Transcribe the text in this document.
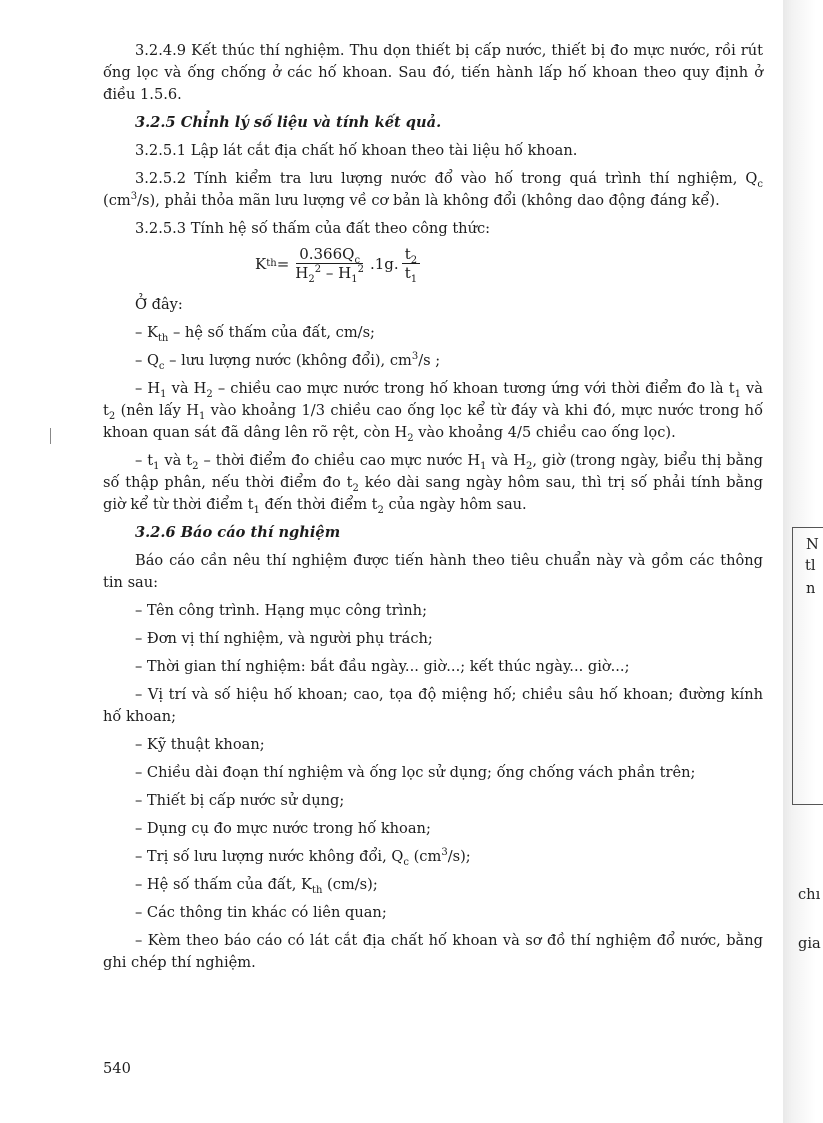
3.2.4.9 Kết thúc thí nghiệm. Thu dọn thiết bị cấp nước, thiết bị đo mực nước, rồi rút ống lọc và ống chống ở các hố khoan. Sau đó, tiến hành lấp hố khoan theo quy định ở điều 1.5.6.

3.2.5 Chỉnh lý số liệu và tính kết quả.

3.2.5.1 Lập lát cắt địa chất hố khoan theo tài liệu hố khoan.

3.2.5.2 Tính kiểm tra lưu lượng nước đổ vào hố trong quá trình thí nghiệm, $Q_c$ $(cm^3/s)$, phải thỏa mãn lưu lượng về cơ bản là không đổi (không dao động đáng kể).

3.2.5.3 Tính hệ số thấm của đất theo công thức:

K th = $\frac{0.366Q_c}{H_2^2 - H_1^2} .1g$. $\frac{t_2}{t_1}$

Ở đây:

– $K_{th}$ – hệ số thấm của đất, cm/s;

– $Q_c$ – lưu lượng nước (không đổi), $cm^3/s$ ;

– $H_1$ và $H_2$ – chiều cao mực nước trong hố khoan tương ứng với thời điểm đo là $t_1$ và $t_2$ (nên lấy $H_1$ vào khoảng 1/3 chiều cao ống lọc kể từ đáy và khi đó, mực nước trong hố khoan quan sát đã dâng lên rõ rệt, còn $H_2$ vào khoảng 4/5 chiều cao ống lọc).

– $t_1$ và $t_2$ – thời điểm đo chiều cao mực nước $H_1$ và $H_2$, giờ (trong ngày, biểu thị bằng số thập phân, nếu thời điểm đo $t_2$ kéo dài sang ngày hôm sau, thì trị số phải tính bằng giờ kể từ thời điểm $t_1$ đến thời điểm $t_2$ của ngày hôm sau.

3.2.6 Báo cáo thí nghiệm

Báo cáo cần nêu thí nghiệm được tiến hành theo tiêu chuẩn này và gồm các thông tin sau:

– Tên công trình. Hạng mục công trình;

– Đơn vị thí nghiệm, và người phụ trách;

– Thời gian thí nghiệm: bắt đầu ngày... giờ...; kết thúc ngày... giờ...;

– Vị trí và số hiệu hố khoan; cao, tọa độ miệng hố; chiều sâu hố khoan; đường kính hố khoan;

– Kỹ thuật khoan;

– Chiều dài đoạn thí nghiệm và ống lọc sử dụng; ống chống vách phần trên;

– Thiết bị cấp nước sử dụng;

– Dụng cụ đo mực nước trong hố khoan;

– Trị số lưu lượng nước không đổi, $Q_c$ $(cm^3/s)$;

– Hệ số thấm của đất, $K_{th}$ (cm/s);

– Các thông tin khác có liên quan;

– Kèm theo báo cáo có lát cắt địa chất hố khoan và sơ đồ thí nghiệm đổ nước, bằng ghi chép thí nghiệm.

540
N
tl
n
chı
gia
